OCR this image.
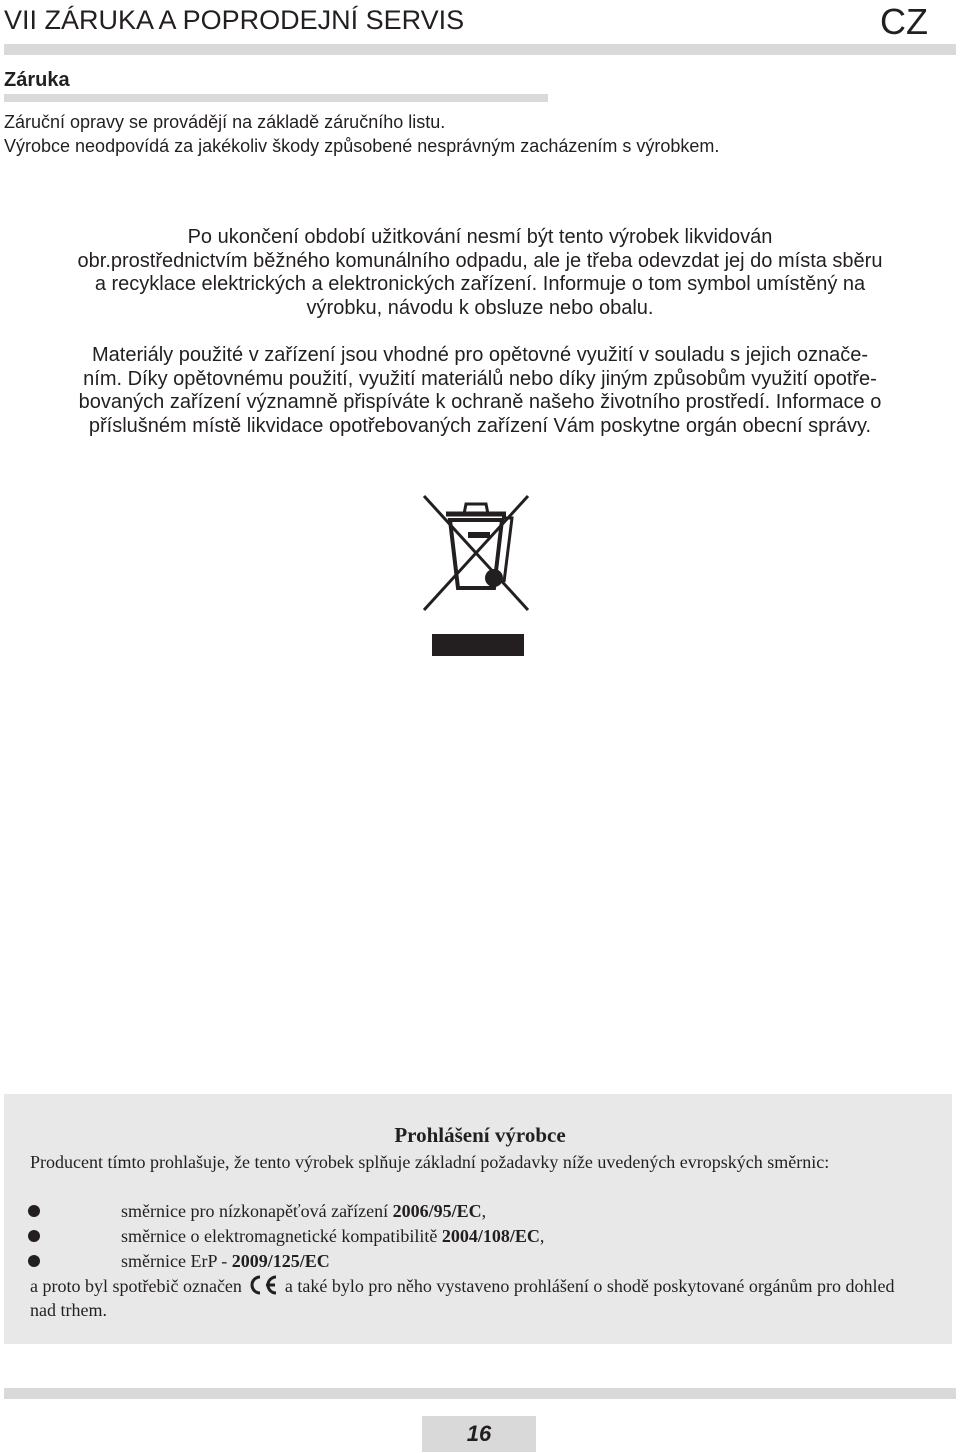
VII ZÁRUKA A POPRODEJNÍ SERVIS	CZ
Záruka
Záruční opravy se provádějí na základě záručního listu.
Výrobce neodpovídá za jakékoliv škody způsobené nesprávným zacházením s výrobkem.
Po ukončení období užitkování nesmí být tento výrobek likvidován
obr.prostřednictvím běžného komunálního odpadu, ale je třeba odevzdat jej do místa sběru
a recyklace elektrických a elektronických zařízení. Informuje o tom symbol umístěný na
výrobku, návodu k obsluze nebo obalu.
Materiály použité v zařízení jsou vhodné pro opětovné využití v souladu s jejich označe-
ním. Díky opětovnému použití, využití materiálů nebo díky jiným způsobům využití opotře-
bovaných zařízení významně přispíváte k ochraně našeho životního prostředí. Informace o
příslušném místě likvidace opotřebovaných zařízení Vám poskytne orgán obecní správy.
Prohlášení výrobce
Producent tímto prohlašuje, že tento výrobek splňuje základní požadavky níže uvedených evropských směrnic:
směrnice pro nízkonapěťová zařízení 2006/95/EC,
směrnice o elektromagnetické kompatibilitě 2004/108/EC,
směrnice ErP - 2009/125/EC
a proto byl spotřebič označen  a také bylo pro něho vystaveno prohlášení o shodě poskytované orgánům pro dohled nad trhem.
16
